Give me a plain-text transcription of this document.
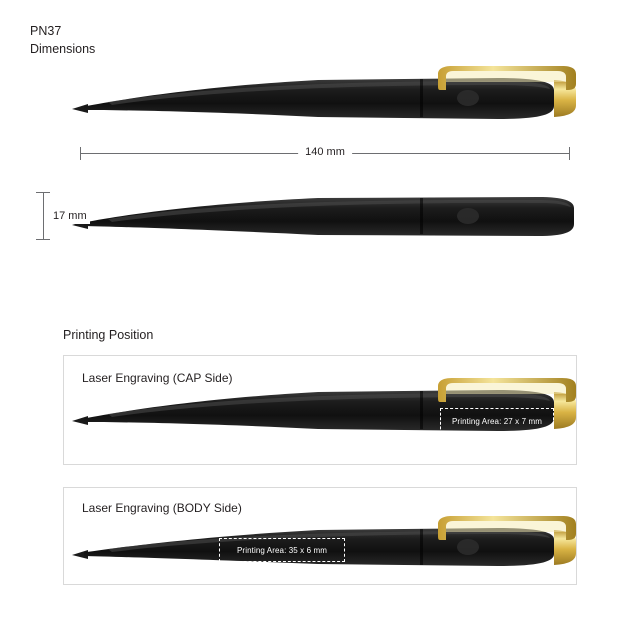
PN37
Dimensions
140 mm
17 mm
Printing Position
Laser Engraving (CAP Side)
Printing Area: 27 x 7 mm
Laser Engraving (BODY Side)
Printing Area: 35 x 6 mm
